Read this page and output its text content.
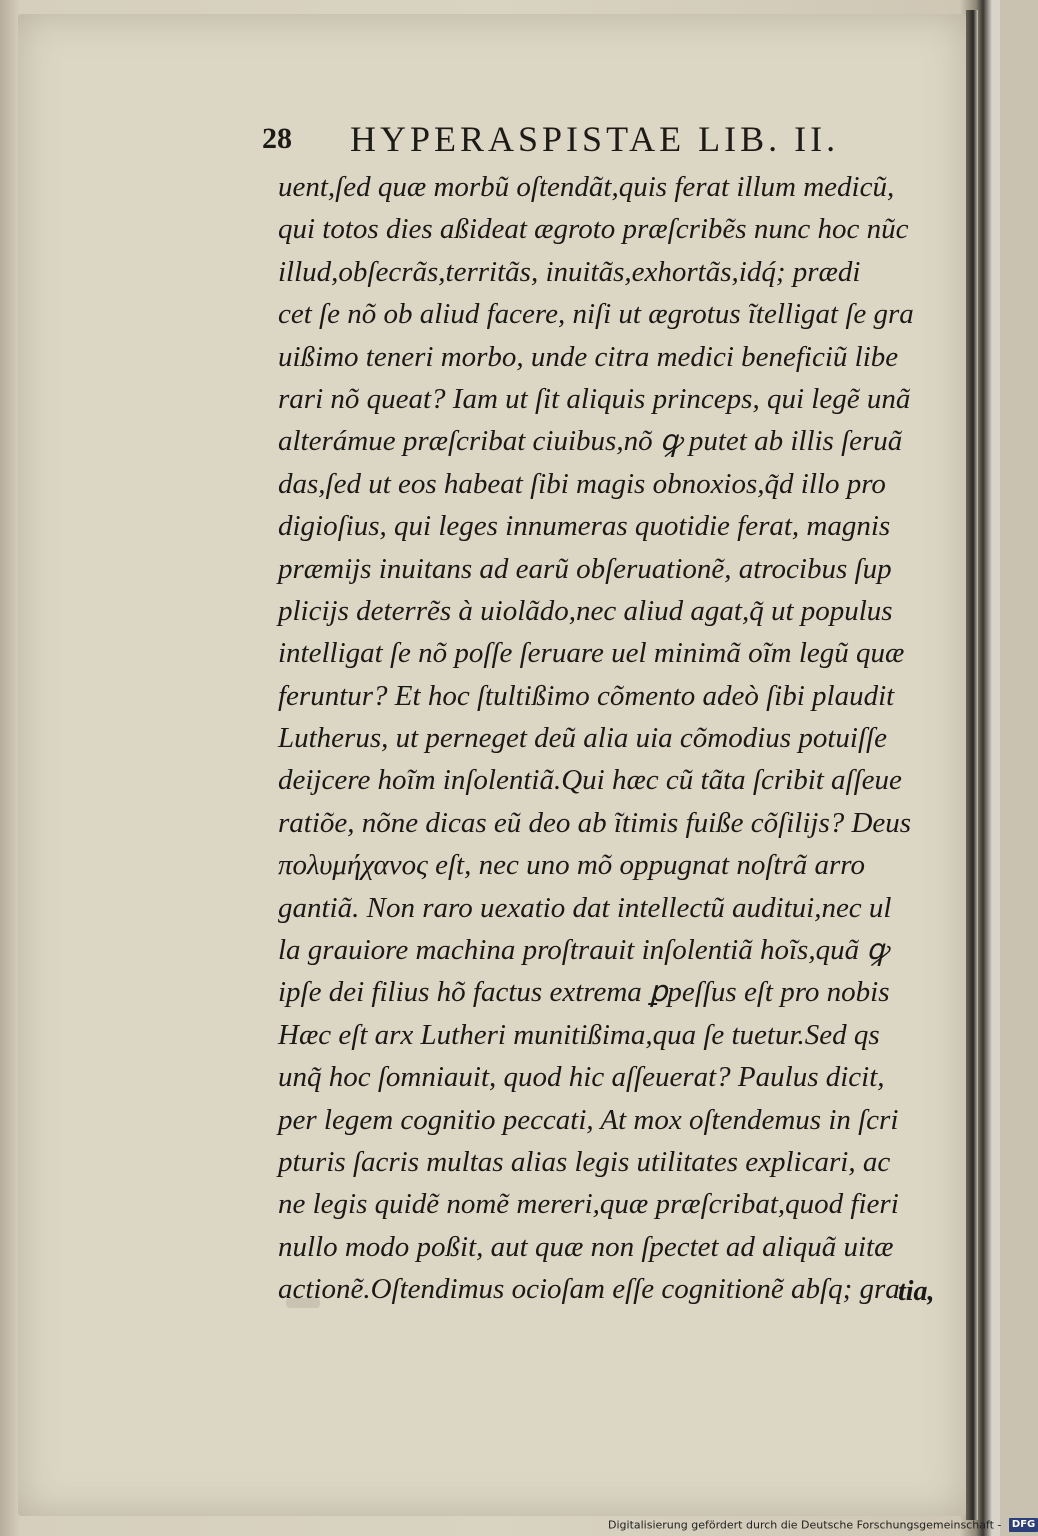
28 HYPERASPISTAE LIB. II.
uent,ſed quæ morbũ oſtendãt,quis ferat illum medicũ,
qui totos dies aßideat ægroto præſcribẽs nunc hoc nũc
illud,obſecrãs,territãs, inuitãs,exhortãs,idq́; prædi
cet ſe nõ ob aliud facere, niſi ut ægrotus ĩtelligat ſe gra
uißimo teneri morbo, unde citra medici beneficiũ libe
rari nõ queat? Iam ut ſit aliquis princeps, qui legẽ unã
alterámue præſcribat ciuibus,nõ ꝙ putet ab illis ſeruã
das,ſed ut eos habeat ſibi magis obnoxios,q̃d illo pro
digioſius, qui leges innumeras quotidie ferat, magnis
præmijs inuitans ad earũ obſeruationẽ, atrocibus ſup
plicijs deterrẽs à uiolãdo,nec aliud agat,q̃ ut populus
intelligat ſe nõ poſſe ſeruare uel minimã oĩm legũ quæ
feruntur? Et hoc ſtultißimo cõmento adeò ſibi plaudit
Lutherus, ut perneget deũ alia uia cõmodius potuiſſe
deijcere hoĩm inſolentiã.Qui hæc cũ tãta ſcribit aſſeue
ratiõe, nõne dicas eũ deo ab ĩtimis fuiße cõſilijs? Deus
πολυμήχανος eſt, nec uno mõ oppugnat noſtrã arro
gantiã. Non raro uexatio dat intellectũ auditui,nec ul
la grauiore machina proſtrauit inſolentiã hoĩs,quã ꝙ
ipſe dei filius hõ factus extrema ꝑpeſſus eſt pro nobis
Hæc eſt arx Lutheri munitißima,qua ſe tuetur.Sed qs
unq̃ hoc ſomniauit, quod hic aſſeuerat? Paulus dicit,
per legem cognitio peccati, At mox oſtendemus in ſcri
pturis ſacris multas alias legis utilitates explicari, ac
ne legis quidẽ nomẽ mereri,quæ præſcribat,quod fieri
nullo modo poßit, aut quæ non ſpectet ad aliquã uitæ
actionẽ.Oſtendimus ocioſam eſſe cognitionẽ abſq; gra
tia,
Digitalisierung gefördert durch die Deutsche Forschungsgemeinschaft - DFG
